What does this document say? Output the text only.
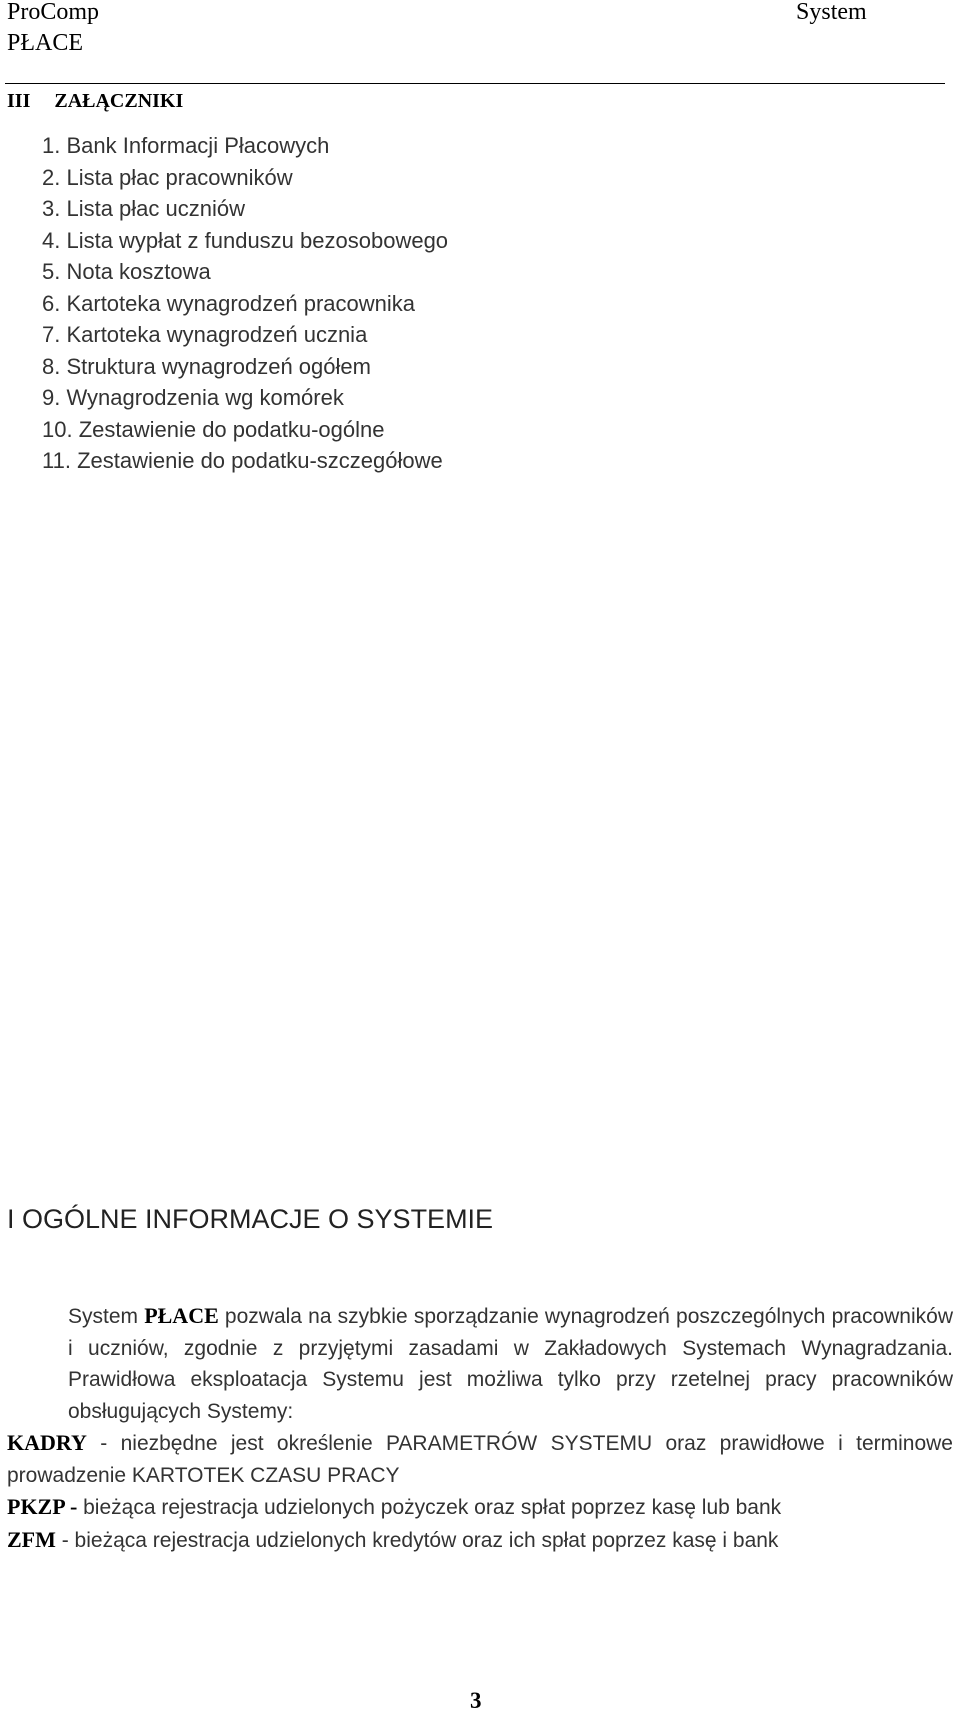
ProComp
PŁACE
System
III ZAŁĄCZNIKI
1. Bank Informacji Płacowych
2. Lista płac pracowników
3. Lista płac uczniów
4. Lista wypłat z funduszu bezosobowego
5. Nota kosztowa
6. Kartoteka wynagrodzeń pracownika
7. Kartoteka wynagrodzeń ucznia
8. Struktura wynagrodzeń ogółem
9. Wynagrodzenia wg komórek
10. Zestawienie do podatku-ogólne
11. Zestawienie do podatku-szczegółowe
I OGÓLNE INFORMACJE O SYSTEMIE

System PŁACE pozwala na szybkie sporządzanie wynagrodzeń poszczególnych pracowników i uczniów, zgodnie z przyjętymi zasadami w Zakładowych Systemach Wynagradzania. Prawidłowa eksploatacja Systemu jest możliwa tylko przy rzetelnej pracy pracowników obsługujących Systemy:

KADRY - niezbędne jest określenie PARAMETRÓW SYSTEMU oraz prawidłowe i terminowe prowadzenie KARTOTEK CZASU PRACY

PKZP - bieżąca rejestracja udzielonych pożyczek oraz spłat poprzez kasę lub bank

ZFM - bieżąca rejestracja udzielonych kredytów oraz ich spłat poprzez kasę i bank

3
